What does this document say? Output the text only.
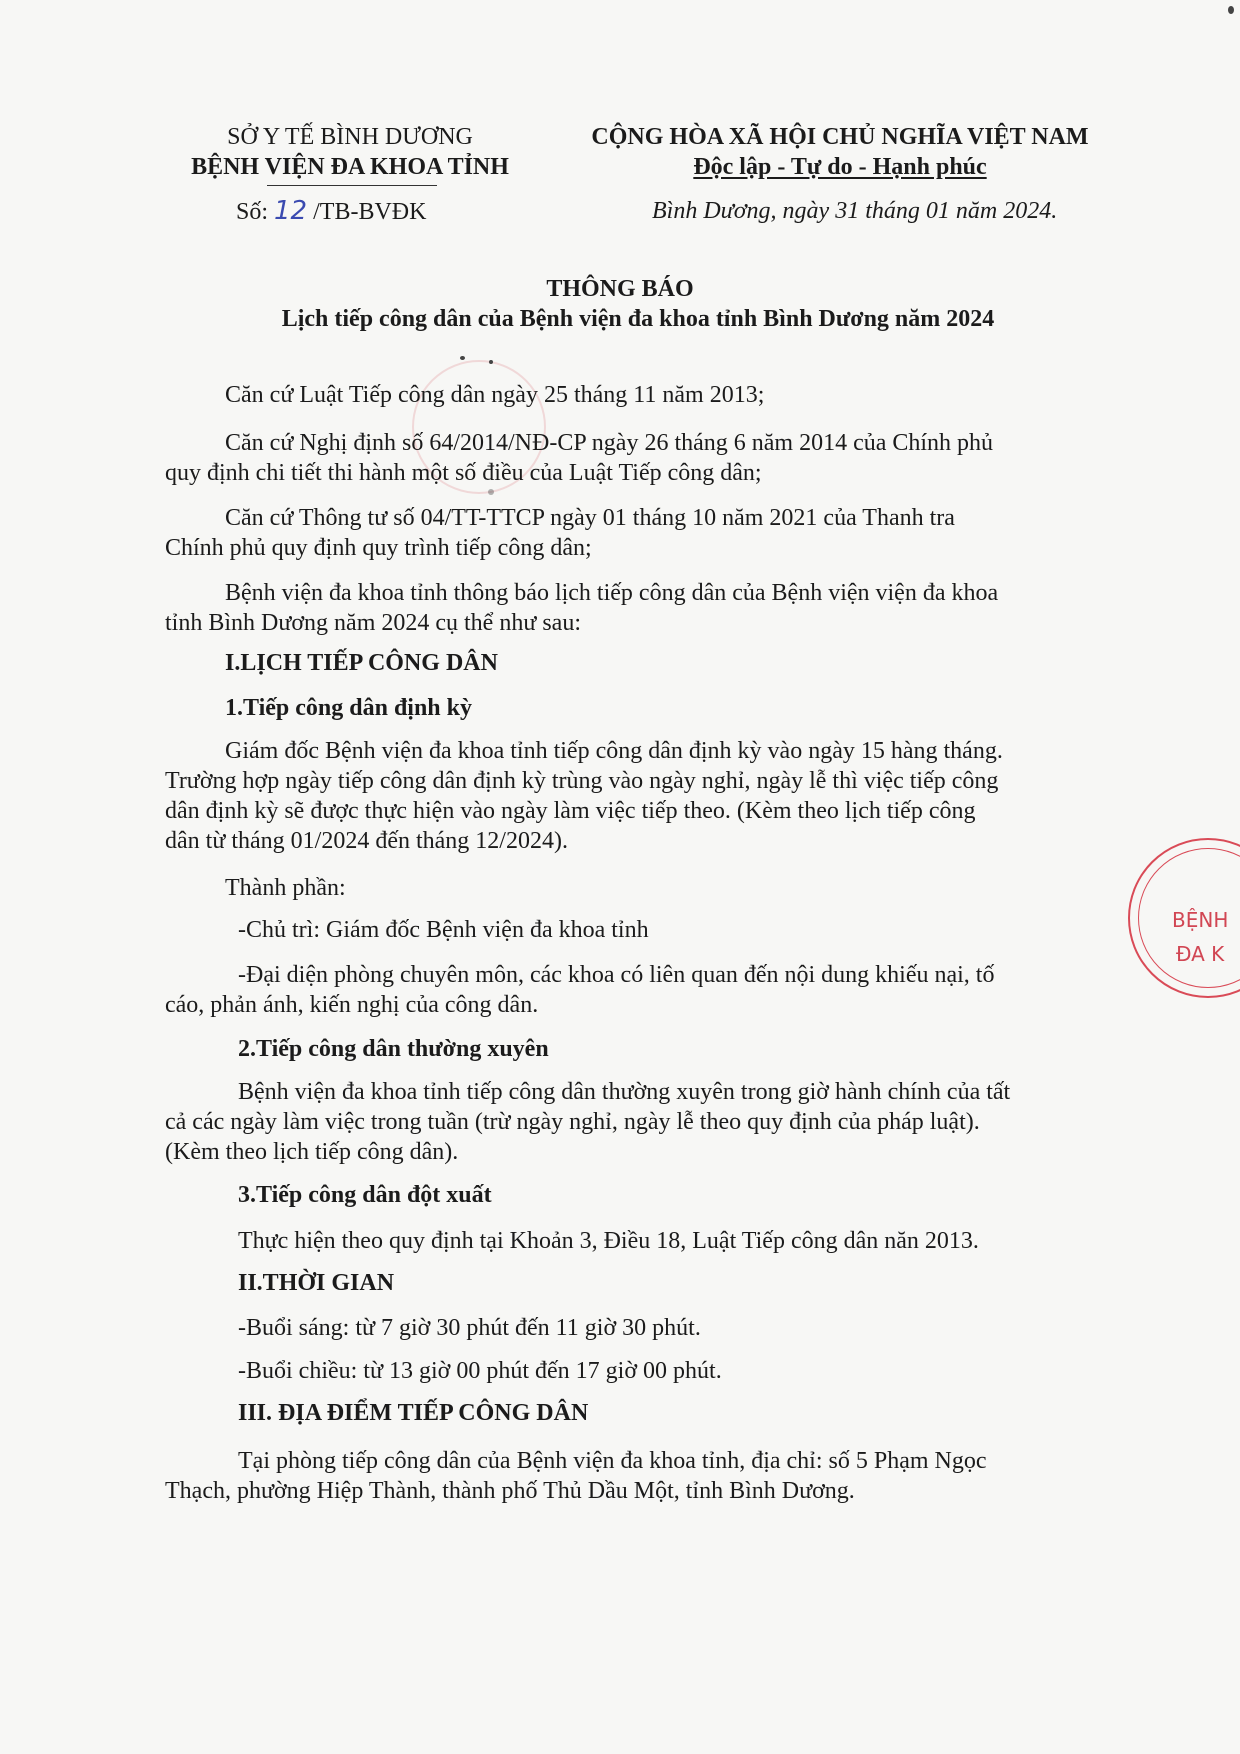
SỞ Y TẾ BÌNH DƯƠNG
BỆNH VIỆN ĐA KHOA TỈNH
Số: 12 /TB-BVĐK
CỘNG HÒA XÃ HỘI CHỦ NGHĨA VIỆT NAM
Độc lập - Tự do - Hạnh phúc
Bình Dương, ngày 31 tháng 01 năm 2024.
THÔNG BÁO
Lịch tiếp công dân của Bệnh viện đa khoa tỉnh Bình Dương năm 2024
Căn cứ Luật Tiếp công dân ngày 25 tháng 11 năm 2013;
Căn cứ Nghị định số 64/2014/NĐ-CP ngày 26 tháng 6 năm 2014 của Chính phủ
quy định chi tiết thi hành một số điều của Luật Tiếp công dân;
Căn cứ Thông tư số 04/TT-TTCP ngày 01 tháng 10 năm 2021 của Thanh tra
Chính phủ quy định quy trình tiếp công dân;
Bệnh viện đa khoa tỉnh thông báo lịch tiếp công dân của Bệnh viện viện đa khoa
tỉnh Bình Dương năm 2024 cụ thể như sau:
I.LỊCH TIẾP CÔNG DÂN
1.Tiếp công dân định kỳ
Giám đốc Bệnh viện đa khoa tỉnh tiếp công dân định kỳ vào ngày 15 hàng tháng.
Trường hợp ngày tiếp công dân định kỳ trùng vào ngày nghỉ, ngày lễ thì việc tiếp công
dân định kỳ sẽ được thực hiện vào ngày làm việc tiếp theo. (Kèm theo lịch tiếp công
dân từ tháng 01/2024 đến tháng 12/2024).
Thành phần:
-Chủ trì: Giám đốc Bệnh viện đa khoa tỉnh
-Đại diện phòng chuyên môn, các khoa có liên quan đến nội dung khiếu nại, tố
cáo, phản ánh, kiến nghị của công dân.
2.Tiếp công dân thường xuyên
Bệnh viện đa khoa tỉnh tiếp công dân thường xuyên trong giờ hành chính của tất
cả các ngày làm việc trong tuần (trừ ngày nghỉ, ngày lễ theo quy định của pháp luật).
(Kèm theo lịch tiếp công dân).
3.Tiếp công dân đột xuất
Thực hiện theo quy định tại Khoản 3, Điều 18, Luật Tiếp công dân năn 2013.
II.THỜI GIAN
-Buổi sáng: từ 7 giờ 30 phút đến 11 giờ 30 phút.
-Buổi chiều: từ 13 giờ 00 phút đến 17 giờ 00 phút.
III. ĐỊA ĐIỂM TIẾP CÔNG DÂN
Tại phòng tiếp công dân của Bệnh viện đa khoa tỉnh, địa chỉ: số 5 Phạm Ngọc
Thạch, phường Hiệp Thành, thành phố Thủ Dầu Một, tỉnh Bình Dương.
BỆNH
ĐA K
